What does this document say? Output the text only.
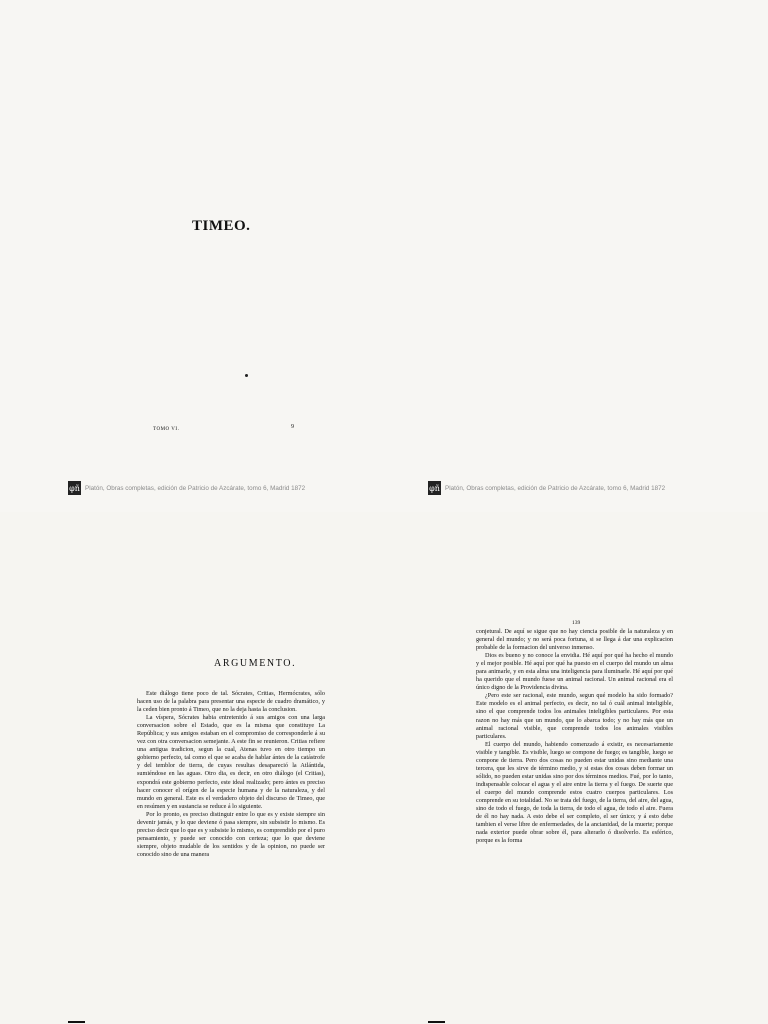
TIMEO.
TOMO VI.	9
φñ Platón, Obras completas, edición de Patricio de Azcárate, tomo 6, Madrid 1872	φñ Platón, Obras completas, edición de Patricio de Azcárate, tomo 6, Madrid 1872
ARGUMENTO.

Este diálogo tiene poco de tal. Sócrates, Critias, Hermócrates, sólo hacen uso de la palabra para presentar una especie de cuadro dramático, y la ceden bien pronto á Timeo, que no la deja hasta la conclusion.

La víspera, Sócrates habia entretenido á sus amigos con una larga conversacion sobre el Estado, que es la misma que constituye La República; y sus amigos estaban en el compromiso de corresponderle á su vez con otra conversacion semejante. A este fin se reunieron. Critias refiere una antigua tradicion, segun la cual, Atenas tuvo en otro tiempo un gobierno perfecto, tal como el que se acaba de hablar ántes de la catástrofe y del temblor de tierra, de cuyas resultas desapareció la Atlántida, sumiéndose en las aguas. Otro dia, es decir, en otro diálogo (el Critias), expondrá este gobierno perfecto, este ideal realizado; pero ántes es preciso hacer conocer el orígen de la especie humana y de la naturaleza, y del mundo en general. Este es el verdadero objeto del discurso de Timeo, que en resúmen y en sustancia se reduce á lo siguiente.

Por lo pronto, es preciso distinguir entre lo que es y existe siempre sin devenir jamás, y lo que deviene ó pasa siempre, sin subsistir lo mismo. Es preciso decir que lo que es y subsiste lo mismo, es comprendido por el puro pensamiento, y puede ser conocido con certeza; que lo que deviene siempre, objeto mudable de los sentidos y de la opinion, no puede ser conocido sino de una manera

139

conjetural. De aquí se sigue que no hay ciencia posible de la naturaleza y en general del mundo; y no será poca fortuna, si se llega á dar una explicacion probable de la formacion del universo inmenso.

Dios es bueno y no conoce la envidia. Hé aquí por qué ha hecho el mundo y el mejor posible. Hé aquí por qué ha puesto en el cuerpo del mundo un alma para animarle, y en esta alma una inteligencia para iluminarle. Hé aquí por qué ha querido que el mundo fuese un animal racional. Un animal racional era el único digno de la Providencia divina.

¿Pero este ser racional, este mundo, segun qué modelo ha sido formado? Este modelo es el animal perfecto, es decir, no tal ó cuál animal inteligible, sino el que comprende todos los animales inteligibles particulares. Por esta razon no hay más que un mundo, que lo abarca todo; y no hay más que un animal racional visible, que comprende todos los animales visibles particulares.

El cuerpo del mundo, habiendo comenzado á existir, es necesariamente visible y tangible. Es visible, luego se compone de fuego; es tangible, luego se compone de tierra. Pero dos cosas no pueden estar unidas sino mediante una tercera, que les sirve de término medio, y si estas dos cosas deben formar un sólido, no pueden estar unidas sino por dos términos medios. Fué, por lo tanto, indispensable colocar el agua y el aire entre la tierra y el fuego. De suerte que el cuerpo del mundo comprende estos cuatro cuerpos particulares. Los comprende en su totalidad. No se trata del fuego, de la tierra, del aire, del agua, sino de todo el fuego, de toda la tierra, de todo el agua, de todo el aire. Fuera de él no hay nada. A esto debe el ser completo, el ser único; y á esto debe tambien el verse libre de enfermedades, de la ancianidad, de la muerte; porque nada exterior puede obrar sobre él, para alterarlo ó disolverlo. Es esférico, porque es la forma
